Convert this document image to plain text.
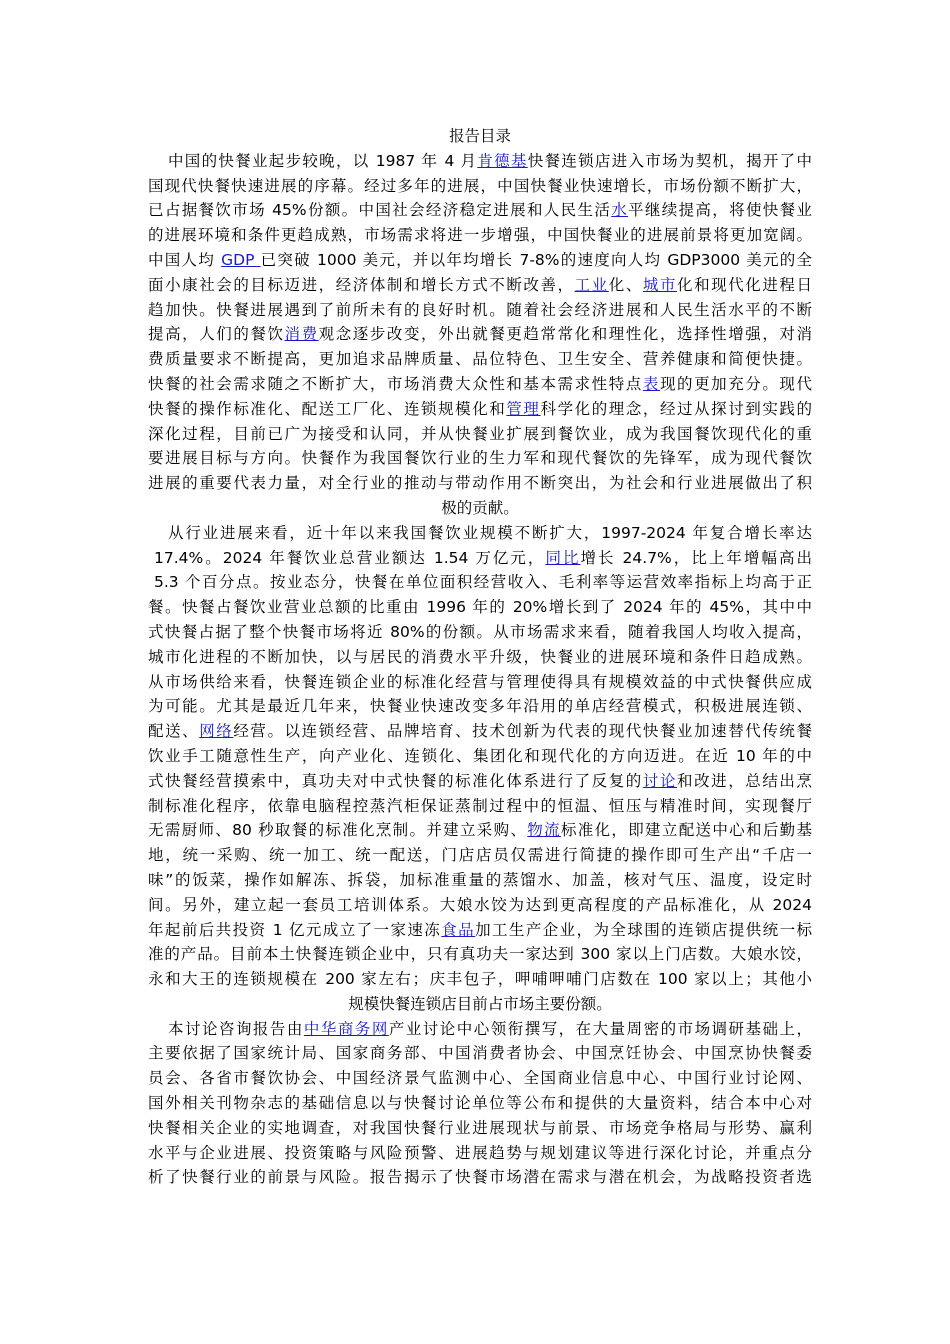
报告目录
中国的快餐业起步较晚，以 1987 年 4 月肯德基快餐连锁店进入市场为契机，揭开了中
国现代快餐快速进展的序幕。经过多年的进展，中国快餐业快速增长，市场份额不断扩大，
已占据餐饮市场 45%份额。中国社会经济稳定进展和人民生活水平继续提高，将使快餐业
的进展环境和条件更趋成熟，市场需求将进一步增强，中国快餐业的进展前景将更加宽阔。
中国人均 GDP 已突破 1000 美元，并以年均增长 7-8%的速度向人均 GDP3000 美元的全
面小康社会的目标迈进，经济体制和增长方式不断改善，工业化、城市化和现代化进程日
趋加快。快餐进展遇到了前所未有的良好时机。随着社会经济进展和人民生活水平的不断
提高，人们的餐饮消费观念逐步改变，外出就餐更趋常常化和理性化，选择性增强，对消
费质量要求不断提高，更加追求品牌质量、品位特色、卫生安全、营养健康和简便快捷。
快餐的社会需求随之不断扩大，市场消费大众性和基本需求性特点表现的更加充分。现代
快餐的操作标准化、配送工厂化、连锁规模化和管理科学化的理念，经过从探讨到实践的
深化过程，目前已广为接受和认同，并从快餐业扩展到餐饮业，成为我国餐饮现代化的重
要进展目标与方向。快餐作为我国餐饮行业的生力军和现代餐饮的先锋军，成为现代餐饮
进展的重要代表力量，对全行业的推动与带动作用不断突出，为社会和行业进展做出了积
极的贡献。
从行业进展来看，近十年以来我国餐饮业规模不断扩大，1997-2024 年复合增长率达
17.4%。2024 年餐饮业总营业额达 1.54 万亿元，同比增长 24.7%，比上年增幅高出
5.3 个百分点。按业态分，快餐在单位面积经营收入、毛利率等运营效率指标上均高于正
餐。快餐占餐饮业营业总额的比重由 1996 年的 20%增长到了 2024 年的 45%，其中中
式快餐占据了整个快餐市场将近 80%的份额。从市场需求来看，随着我国人均收入提高，
城市化进程的不断加快，以与居民的消费水平升级，快餐业的进展环境和条件日趋成熟。
从市场供给来看，快餐连锁企业的标准化经营与管理使得具有规模效益的中式快餐供应成
为可能。尤其是最近几年来，快餐业快速改变多年沿用的单店经营模式，积极进展连锁、
配送、网络经营。以连锁经营、品牌培育、技术创新为代表的现代快餐业加速替代传统餐
饮业手工随意性生产，向产业化、连锁化、集团化和现代化的方向迈进。在近 10 年的中
式快餐经营摸索中，真功夫对中式快餐的标准化体系进行了反复的讨论和改进，总结出烹
制标准化程序，依靠电脑程控蒸汽柜保证蒸制过程中的恒温、恒压与精准时间，实现餐厅
无需厨师、80 秒取餐的标准化烹制。并建立采购、物流标准化，即建立配送中心和后勤基
地，统一采购、统一加工、统一配送，门店店员仅需进行简捷的操作即可生产出“千店一
味”的饭菜，操作如解冻、拆袋，加标准重量的蒸馏水、加盖，核对气压、温度，设定时
间。另外，建立起一套员工培训体系。大娘水饺为达到更高程度的产品标准化，从 2024
年起前后共投资 1 亿元成立了一家速冻食品加工生产企业，为全球围的连锁店提供统一标
准的产品。目前本土快餐连锁企业中，只有真功夫一家达到 300 家以上门店数。大娘水饺，
永和大王的连锁规模在 200 家左右；庆丰包子，呷哺呷哺门店数在 100 家以上；其他小
规模快餐连锁店目前占市场主要份额。
本讨论咨询报告由中华商务网产业讨论中心领衔撰写，在大量周密的市场调研基础上，
主要依据了国家统计局、国家商务部、中国消费者协会、中国烹饪协会、中国烹协快餐委
员会、各省市餐饮协会、中国经济景气监测中心、全国商业信息中心、中国行业讨论网、
国外相关刊物杂志的基础信息以与快餐讨论单位等公布和提供的大量资料，结合本中心对
快餐相关企业的实地调查，对我国快餐行业进展现状与前景、市场竞争格局与形势、赢利
水平与企业进展、投资策略与风险预警、进展趋势与规划建议等进行深化讨论，并重点分
析了快餐行业的前景与风险。报告揭示了快餐市场潜在需求与潜在机会，为战略投资者选
